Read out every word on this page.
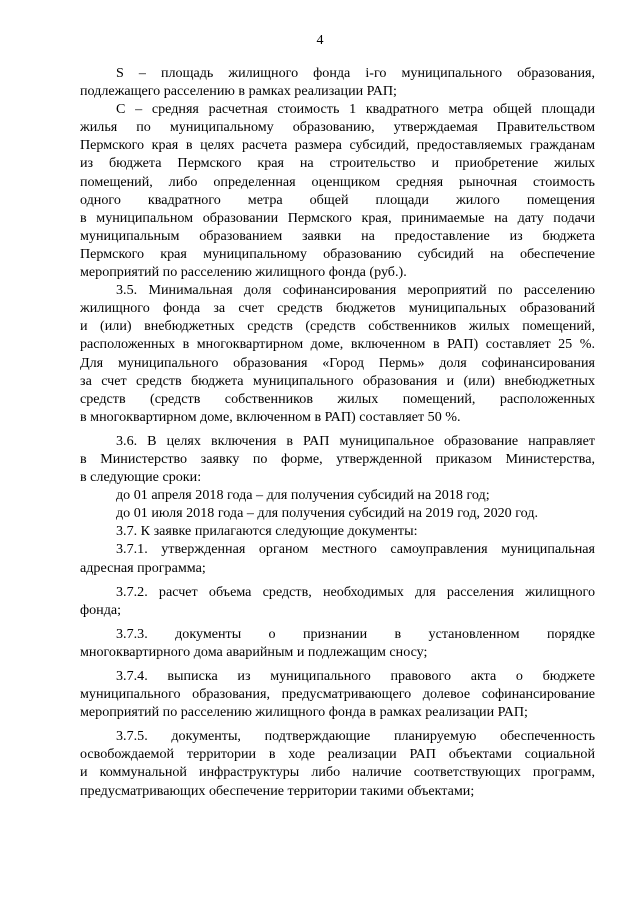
4
S – площадь жилищного фонда i-го муниципального образования,
подлежащего расселению в рамках реализации РАП;
C – средняя расчетная стоимость 1 квадратного метра общей площади
жилья по муниципальному образованию, утверждаемая Правительством
Пермского края в целях расчета размера субсидий, предоставляемых гражданам
из бюджета Пермского края на строительство и приобретение жилых
помещений, либо определенная оценщиком средняя рыночная стоимость
одного квадратного метра общей площади жилого помещения
в муниципальном образовании Пермского края, принимаемые на дату подачи
муниципальным образованием заявки на предоставление из бюджета
Пермского края муниципальному образованию субсидий на обеспечение
мероприятий по расселению жилищного фонда (руб.).
3.5. Минимальная доля софинансирования мероприятий по расселению
жилищного фонда за счет средств бюджетов муниципальных образований
и (или) внебюджетных средств (средств собственников жилых помещений,
расположенных в многоквартирном доме, включенном в РАП) составляет 25 %.
Для муниципального образования «Город Пермь» доля софинансирования
за счет средств бюджета муниципального образования и (или) внебюджетных
средств (средств собственников жилых помещений, расположенных
в многоквартирном доме, включенном в РАП) составляет 50 %.
3.6. В целях включения в РАП муниципальное образование направляет
в Министерство заявку по форме, утвержденной приказом Министерства,
в следующие сроки:
до 01 апреля 2018 года – для получения субсидий на 2018 год;
до 01 июля 2018 года – для получения субсидий на 2019 год, 2020 год.
3.7. К заявке прилагаются следующие документы:
3.7.1. утвержденная органом местного самоуправления муниципальная
адресная программа;
3.7.2. расчет объема средств, необходимых для расселения жилищного
фонда;
3.7.3. документы о признании в установленном порядке
многоквартирного дома аварийным и подлежащим сносу;
3.7.4. выписка из муниципального правового акта о бюджете
муниципального образования, предусматривающего долевое софинансирование
мероприятий по расселению жилищного фонда в рамках реализации РАП;
3.7.5. документы, подтверждающие планируемую обеспеченность
освобождаемой территории в ходе реализации РАП объектами социальной
и коммунальной инфраструктуры либо наличие соответствующих программ,
предусматривающих обеспечение территории такими объектами;
